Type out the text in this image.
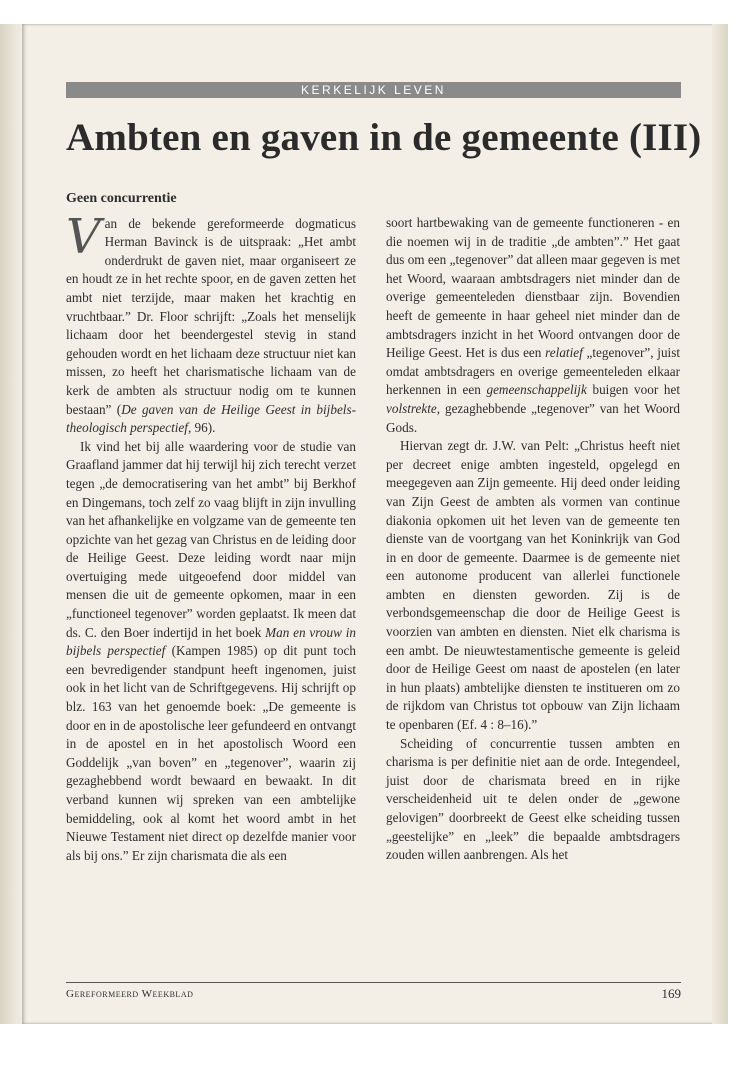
KERKELIJK LEVEN
Ambten en gaven in de gemeente (III)

Geen concurrentie

Van de bekende gereformeerde dogmaticus Herman Bavinck is de uitspraak: „Het ambt onderdrukt de gaven niet, maar organiseert ze en houdt ze in het rechte spoor, en de gaven zetten het ambt niet terzijde, maar maken het krachtig en vruchtbaar.” Dr. Floor schrijft: „Zoals het menselijk lichaam door het beendergestel stevig in stand gehouden wordt en het lichaam deze structuur niet kan missen, zo heeft het charismatische lichaam van de kerk de ambten als structuur nodig om te kunnen bestaan” (De gaven van de Heilige Geest in bijbels-theologisch perspectief, 96).

Ik vind het bij alle waardering voor de studie van Graafland jammer dat hij terwijl hij zich terecht verzet tegen „de democratisering van het ambt” bij Berkhof en Dingemans, toch zelf zo vaag blijft in zijn invulling van het afhankelijke en volgzame van de gemeente ten opzichte van het gezag van Christus en de leiding door de Heilige Geest. Deze leiding wordt naar mijn overtuiging mede uitgeoefend door middel van mensen die uit de gemeente opkomen, maar in een „functioneel tegenover” worden geplaatst. Ik meen dat ds. C. den Boer indertijd in het boek Man en vrouw in bijbels perspectief (Kampen 1985) op dit punt toch een bevredigender standpunt heeft ingenomen, juist ook in het licht van de Schriftgegevens. Hij schrijft op blz. 163 van het genoemde boek: „De gemeente is door en in de apostolische leer gefundeerd en ontvangt in de apostel en in het apostolisch Woord een Goddelijk „van boven” en „tegenover”, waarin zij gezaghebbend wordt bewaard en bewaakt. In dit verband kunnen wij spreken van een ambtelijke bemiddeling, ook al komt het woord ambt in het Nieuwe Testament niet direct op dezelfde manier voor als bij ons.” Er zijn charismata die als een

soort hartbewaking van de gemeente functioneren - en die noemen wij in de traditie „de ambten”.” Het gaat dus om een „tegenover” dat alleen maar gegeven is met het Woord, waaraan ambtsdragers niet minder dan de overige gemeenteleden dienstbaar zijn. Bovendien heeft de gemeente in haar geheel niet minder dan de ambtsdragers inzicht in het Woord ontvangen door de Heilige Geest. Het is dus een relatief „tegenover”, juist omdat ambtsdragers en overige gemeenteleden elkaar herkennen in een gemeenschappelijk buigen voor het volstrekte, gezaghebbende „tegenover” van het Woord Gods.

Hiervan zegt dr. J.W. van Pelt: „Christus heeft niet per decreet enige ambten ingesteld, opgelegd en meegegeven aan Zijn gemeente. Hij deed onder leiding van Zijn Geest de ambten als vormen van continue diakonia opkomen uit het leven van de gemeente ten dienste van de voortgang van het Koninkrijk van God in en door de gemeente. Daarmee is de gemeente niet een autonome producent van allerlei functionele ambten en diensten geworden. Zij is de verbondsgemeenschap die door de Heilige Geest is voorzien van ambten en diensten. Niet elk charisma is een ambt. De nieuwtestamentische gemeente is geleid door de Heilige Geest om naast de apostelen (en later in hun plaats) ambtelijke diensten te instituеren om zo de rijkdom van Christus tot opbouw van Zijn lichaam te openbaren (Ef. 4 : 8–16).”

Scheiding of concurrentie tussen ambten en charisma is per definitie niet aan de orde. Integendeel, juist door de charismata breed en in rijke verscheidenheid uit te delen onder de „gewone gelovigen” doorbreekt de Geest elke scheiding tussen „geestelijke” en „leek” die bepaalde ambtsdragers zouden willen aanbrengen. Als het

Gereformeerd Weekblad	169
